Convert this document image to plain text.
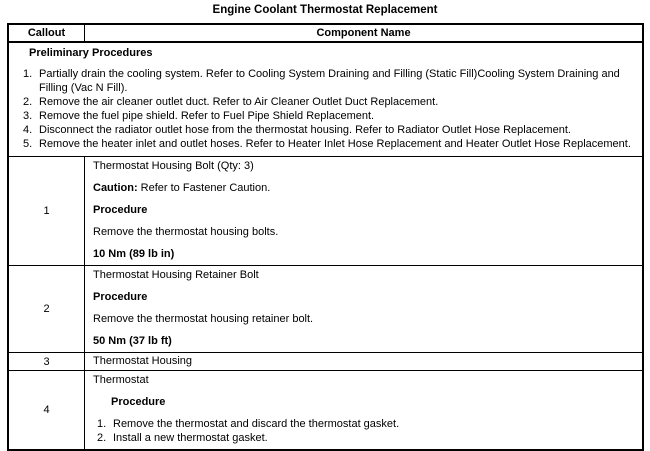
Engine Coolant Thermostat Replacement
Callout	Component Name
Preliminary Procedures
1. Partially drain the cooling system. Refer to Cooling System Draining and Filling (Static Fill)Cooling System Draining and Filling (Vac N Fill).
2. Remove the air cleaner outlet duct. Refer to Air Cleaner Outlet Duct Replacement.
3. Remove the fuel pipe shield. Refer to Fuel Pipe Shield Replacement.
4. Disconnect the radiator outlet hose from the thermostat housing. Refer to Radiator Outlet Hose Replacement.
5. Remove the heater inlet and outlet hoses. Refer to Heater Inlet Hose Replacement and Heater Outlet Hose Replacement.
1

Thermostat Housing Bolt (Qty: 3)

Caution: Refer to Fastener Caution.

Procedure

Remove the thermostat housing bolts.

10 Nm (89 lb in)

2

Thermostat Housing Retainer Bolt

Procedure

Remove the thermostat housing retainer bolt.

50 Nm (37 lb ft)

3	Thermostat Housing

4

Thermostat

Procedure

1. Remove the thermostat and discard the thermostat gasket.
2. Install a new thermostat gasket.
